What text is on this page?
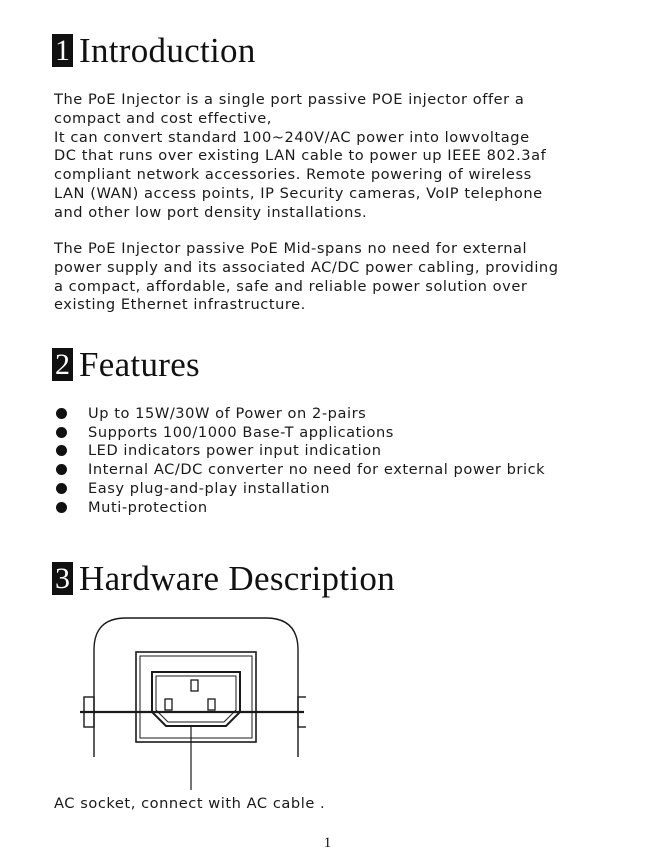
1 Introduction

The PoE Injector is a single port passive POE injector offer a
compact and cost effective,
It can convert standard 100~240V/AC power into lowvoltage
DC that runs over existing LAN cable to power up IEEE 802.3af
compliant network accessories. Remote powering of wireless
LAN (WAN) access points, IP Security cameras, VoIP telephone
and other low port density installations.

The PoE Injector passive PoE Mid-spans no need for external
power supply and its associated AC/DC power cabling, providing
a compact, affordable, safe and reliable power solution over
existing Ethernet infrastructure.

2 Features
Up to 15W/30W of Power on 2-pairs
Supports 100/1000 Base-T applications
LED indicators power input indication
Internal AC/DC converter no need for external power brick
Easy plug-and-play installation
Muti-protection
3 Hardware Description
AC socket, connect with AC cable .
1
